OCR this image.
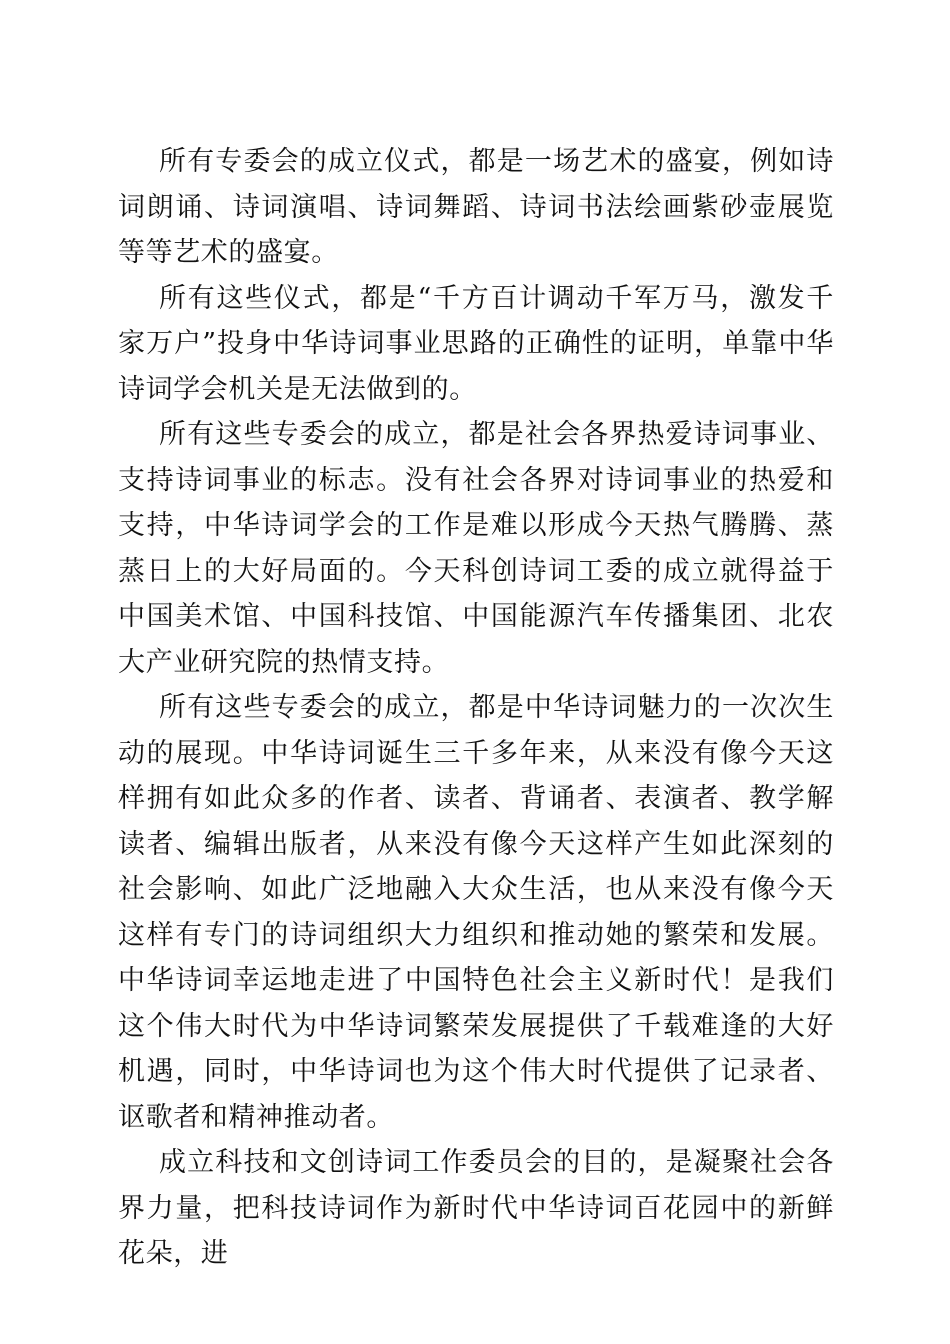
所有专委会的成立仪式，都是一场艺术的盛宴，例如诗词朗诵、诗词演唱、诗词舞蹈、诗词书法绘画紫砂壶展览等等艺术的盛宴。

所有这些仪式，都是“千方百计调动千军万马，激发千家万户”投身中华诗词事业思路的正确性的证明，单靠中华诗词学会机关是无法做到的。

所有这些专委会的成立，都是社会各界热爱诗词事业、支持诗词事业的标志。没有社会各界对诗词事业的热爱和支持，中华诗词学会的工作是难以形成今天热气腾腾、蒸蒸日上的大好局面的。今天科创诗词工委的成立就得益于中国美术馆、中国科技馆、中国能源汽车传播集团、北农大产业研究院的热情支持。

所有这些专委会的成立，都是中华诗词魅力的一次次生动的展现。中华诗词诞生三千多年来，从来没有像今天这样拥有如此众多的作者、读者、背诵者、表演者、教学解读者、编辑出版者，从来没有像今天这样产生如此深刻的社会影响、如此广泛地融入大众生活，也从来没有像今天这样有专门的诗词组织大力组织和推动她的繁荣和发展。中华诗词幸运地走进了中国特色社会主义新时代！是我们这个伟大时代为中华诗词繁荣发展提供了千载难逢的大好机遇，同时，中华诗词也为这个伟大时代提供了记录者、讴歌者和精神推动者。

成立科技和文创诗词工作委员会的目的，是凝聚社会各界力量，把科技诗词作为新时代中华诗词百花园中的新鲜花朵，进
